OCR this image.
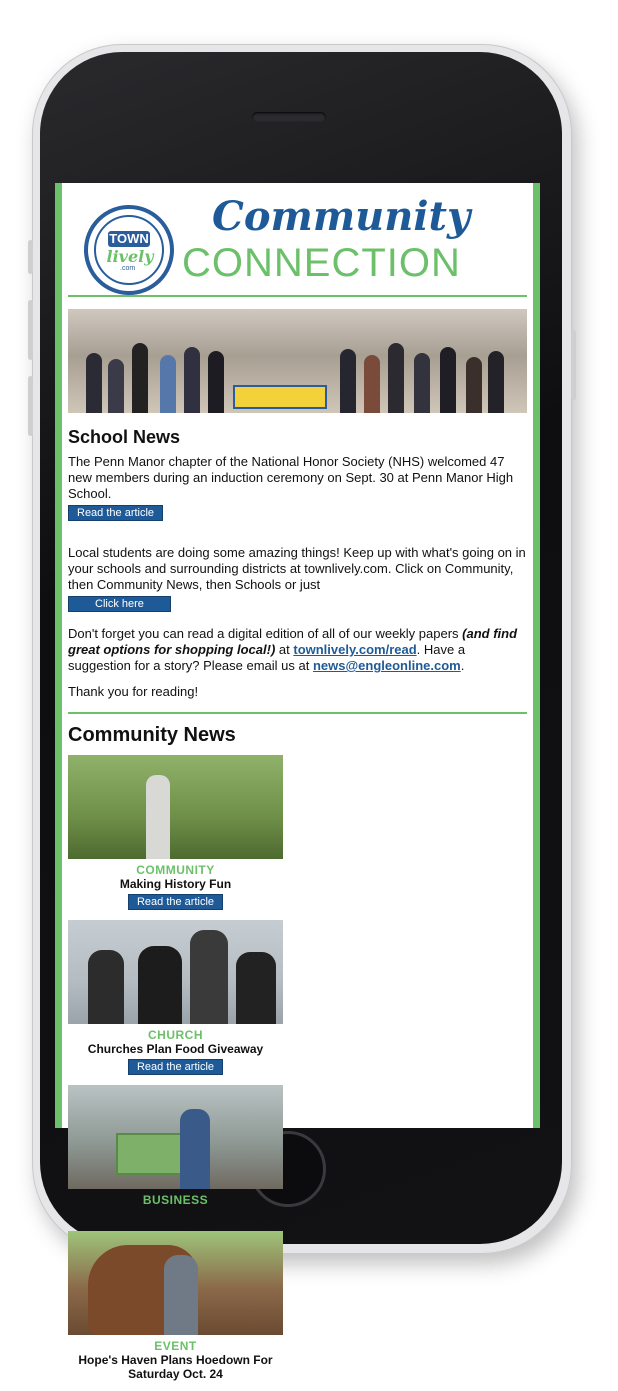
TOWN
lively
.com
Community
CONNECTION
School News

The Penn Manor chapter of the National Honor Society (NHS) welcomed 47 new members during an induction ceremony on Sept. 30 at Penn Manor High School.

Read the article

Local students are doing some amazing things! Keep up with what's going on in your schools and surrounding districts at townlively.com. Click on Community, then Community News, then Schools or just

Click here

Don't forget you can read a digital edition of all of our weekly papers (and find great options for shopping local!) at townlively.com/read. Have a suggestion for a story? Please email us at news@engleonline.com.

Thank you for reading!

Community News
COMMUNITY
Making History Fun
Read the article
CHURCH
Churches Plan Food Giveaway
Read the article
BUSINESS
Foundation, Businesses Announce
EVENT
Hope's Haven Plans Hoedown For Saturday Oct. 24
